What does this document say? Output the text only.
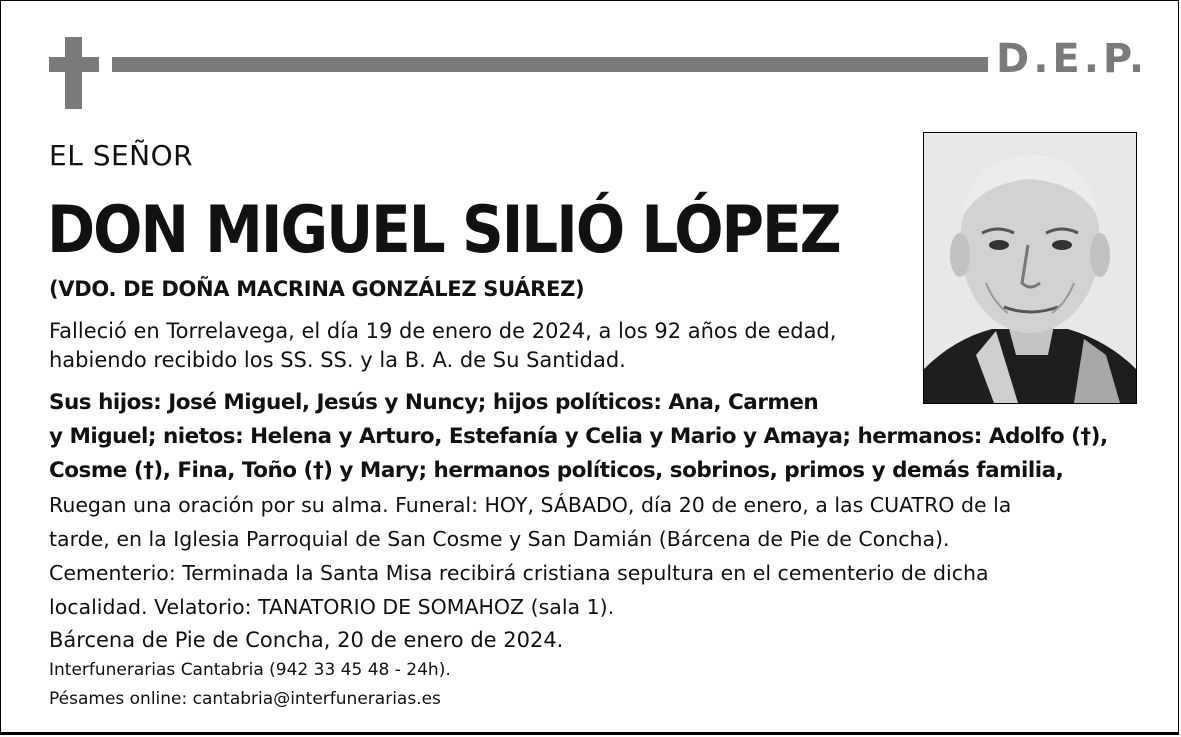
D.E.P.
EL SEÑOR
DON MIGUEL SILIÓ LÓPEZ
(VDO. DE DOÑA MACRINA GONZÁLEZ SUÁREZ)
Falleció en Torrelavega, el día 19 de enero de 2024, a los 92 años de edad,
habiendo recibido los SS. SS. y la B. A. de Su Santidad.
Sus hijos: José Miguel, Jesús y Nuncy; hijos políticos: Ana, Carmen
y Miguel; nietos: Helena y Arturo, Estefanía y Celia y Mario y Amaya; hermanos: Adolfo (†),
Cosme (†), Fina, Toño (†) y Mary; hermanos políticos, sobrinos, primos y demás familia,
Ruegan una oración por su alma. Funeral: HOY, SÁBADO, día 20 de enero, a las CUATRO de la
tarde, en la Iglesia Parroquial de San Cosme y San Damián (Bárcena de Pie de Concha).
Cementerio: Terminada la Santa Misa recibirá cristiana sepultura en el cementerio de dicha
localidad. Velatorio: TANATORIO DE SOMAHOZ (sala 1).
Bárcena de Pie de Concha, 20 de enero de 2024.
Interfunerarias Cantabria (942 33 45 48 - 24h).
Pésames online: cantabria@interfunerarias.es
